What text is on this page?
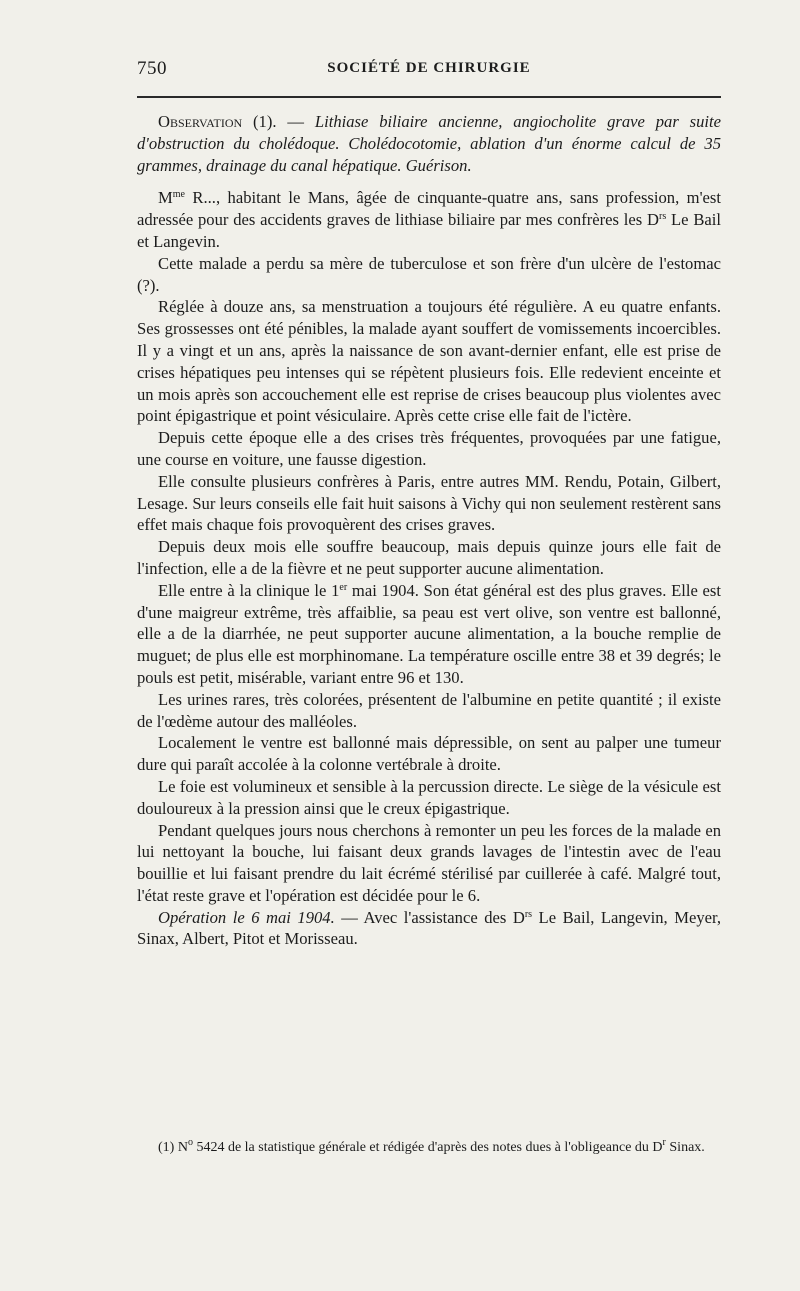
750	SOCIÉTÉ DE CHIRURGIE

Observation (1). — Lithiase biliaire ancienne, angiocholite grave par suite d'obstruction du cholédoque. Cholédocotomie, ablation d'un énorme calcul de 35 grammes, drainage du canal hépatique. Guérison.

$M^{me}$ R..., habitant le Mans, âgée de cinquante-quatre ans, sans profession, m'est adressée pour des accidents graves de lithiase biliaire par mes confrères les $D^{rs}$ Le Bail et Langevin.

Cette malade a perdu sa mère de tuberculose et son frère d'un ulcère de l'estomac (?).

Réglée à douze ans, sa menstruation a toujours été régulière. A eu quatre enfants. Ses grossesses ont été pénibles, la malade ayant souffert de vomissements incoercibles. Il y a vingt et un ans, après la naissance de son avant-dernier enfant, elle est prise de crises hépatiques peu intenses qui se répètent plusieurs fois. Elle redevient enceinte et un mois après son accouchement elle est reprise de crises beaucoup plus violentes avec point épigastrique et point vésiculaire. Après cette crise elle fait de l'ictère.

Depuis cette époque elle a des crises très fréquentes, provoquées par une fatigue, une course en voiture, une fausse digestion.

Elle consulte plusieurs confrères à Paris, entre autres MM. Rendu, Potain, Gilbert, Lesage. Sur leurs conseils elle fait huit saisons à Vichy qui non seulement restèrent sans effet mais chaque fois provoquèrent des crises graves.

Depuis deux mois elle souffre beaucoup, mais depuis quinze jours elle fait de l'infection, elle a de la fièvre et ne peut supporter aucune alimentation.

Elle entre à la clinique le 1er mai 1904. Son état général est des plus graves. Elle est d'une maigreur extrême, très affaiblie, sa peau est vert olive, son ventre est ballonné, elle a de la diarrhée, ne peut supporter aucune alimentation, a la bouche remplie de muguet; de plus elle est morphinomane. La température oscille entre 38 et 39 degrés; le pouls est petit, misérable, variant entre 96 et 130.

Les urines rares, très colorées, présentent de l'albumine en petite quantité ; il existe de l'œdème autour des malléoles.

Localement le ventre est ballonné mais dépressible, on sent au palper une tumeur dure qui paraît accolée à la colonne vertébrale à droite.

Le foie est volumineux et sensible à la percussion directe. Le siège de la vésicule est douloureux à la pression ainsi que le creux épigastrique.

Pendant quelques jours nous cherchons à remonter un peu les forces de la malade en lui nettoyant la bouche, lui faisant deux grands lavages de l'intestin avec de l'eau bouillie et lui faisant prendre du lait écrémé stérilisé par cuillerée à café. Malgré tout, l'état reste grave et l'opération est décidée pour le 6.

Opération le 6 mai 1904. — Avec l'assistance des $D^{rs}$ Le Bail, Langevin, Meyer, Sinax, Albert, Pitot et Morisseau.

(1) $N^o$ 5424 de la statistique générale et rédigée d'après des notes dues à l'obligeance du $D^r$ Sinax.
